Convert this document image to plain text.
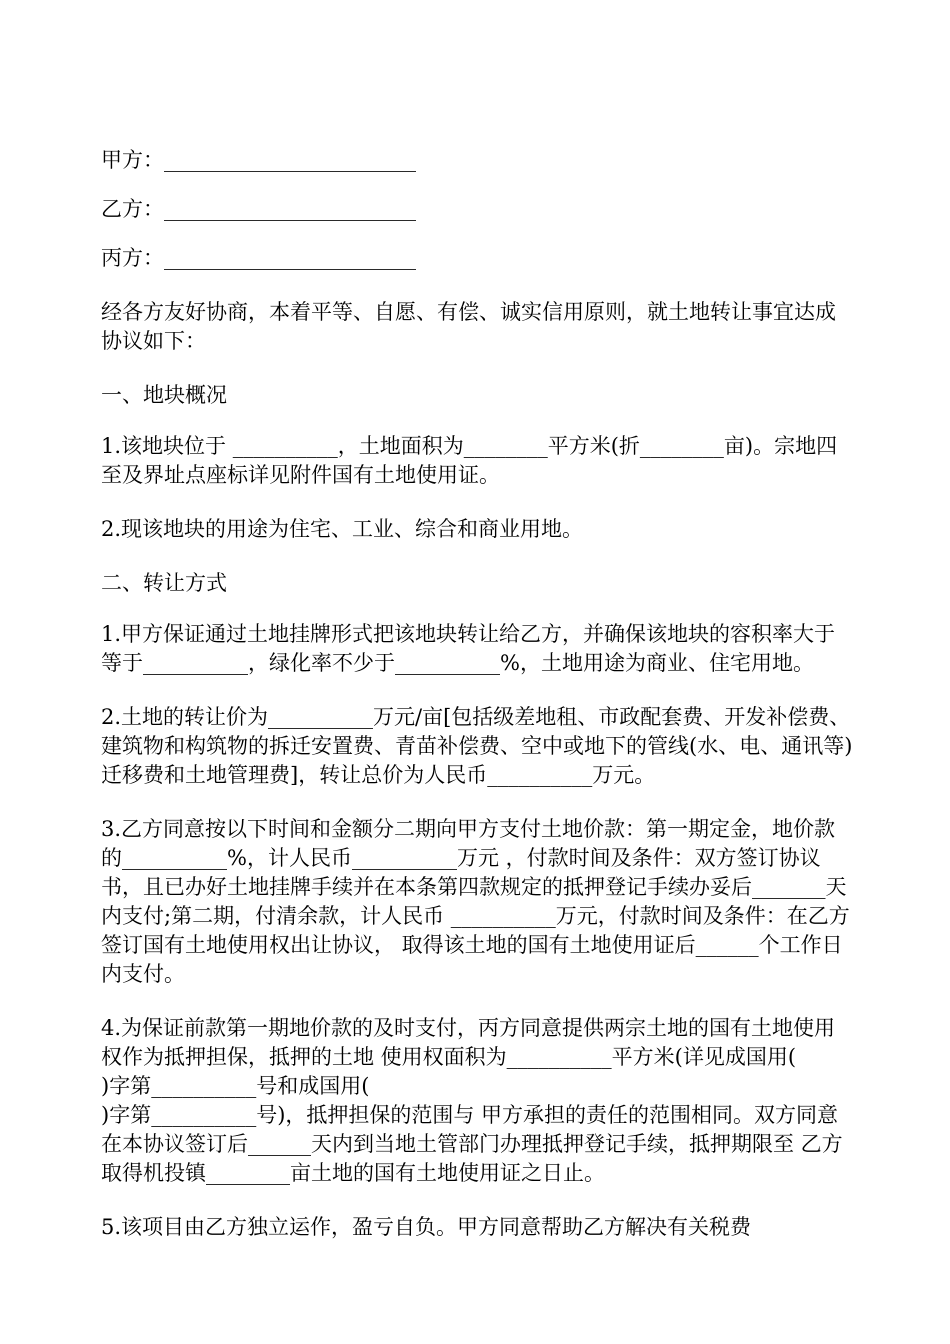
甲方：________________________

乙方：________________________

丙方：________________________

经各方友好协商，本着平等、自愿、有偿、诚实信用原则，就土地转让事宜达成协议如下：

一、地块概况

1.该地块位于 __________，土地面积为________平方米(折________亩)。宗地四至及界址点座标详见附件国有土地使用证。

2.现该地块的用途为住宅、工业、综合和商业用地。

二、转让方式

1.甲方保证通过土地挂牌形式把该地块转让给乙方，并确保该地块的容积率大于等于__________，绿化率不少于__________%，土地用途为商业、住宅用地。

2.土地的转让价为__________万元/亩[包括级差地租、市政配套费、开发补偿费、建筑物和构筑物的拆迁安置费、青苗补偿费、空中或地下的管线(水、电、通讯等)迁移费和土地管理费]，转让总价为人民币__________万元。

3.乙方同意按以下时间和金额分二期向甲方支付土地价款：第一期定金，地价款的__________%，计人民币__________万元 ，付款时间及条件：双方签订协议书，且已办好土地挂牌手续并在本条第四款规定的抵押登记手续办妥后_______天内支付;第二期，付清余款，计人民币 __________万元，付款时间及条件：在乙方签订国有土地使用权出让协议， 取得该土地的国有土地使用证后______个工作日内支付。

4.为保证前款第一期地价款的及时支付，丙方同意提供两宗土地的国有土地使用权作为抵押担保，抵押的土地 使用权面积为__________平方米(详见成国用(
)字第__________号和成国用(
)字第__________号)，抵押担保的范围与 甲方承担的责任的范围相同。双方同意在本协议签订后______天内到当地土管部门办理抵押登记手续，抵押期限至 乙方取得机投镇________亩土地的国有土地使用证之日止。

5.该项目由乙方独立运作，盈亏自负。甲方同意帮助乙方解决有关税费
